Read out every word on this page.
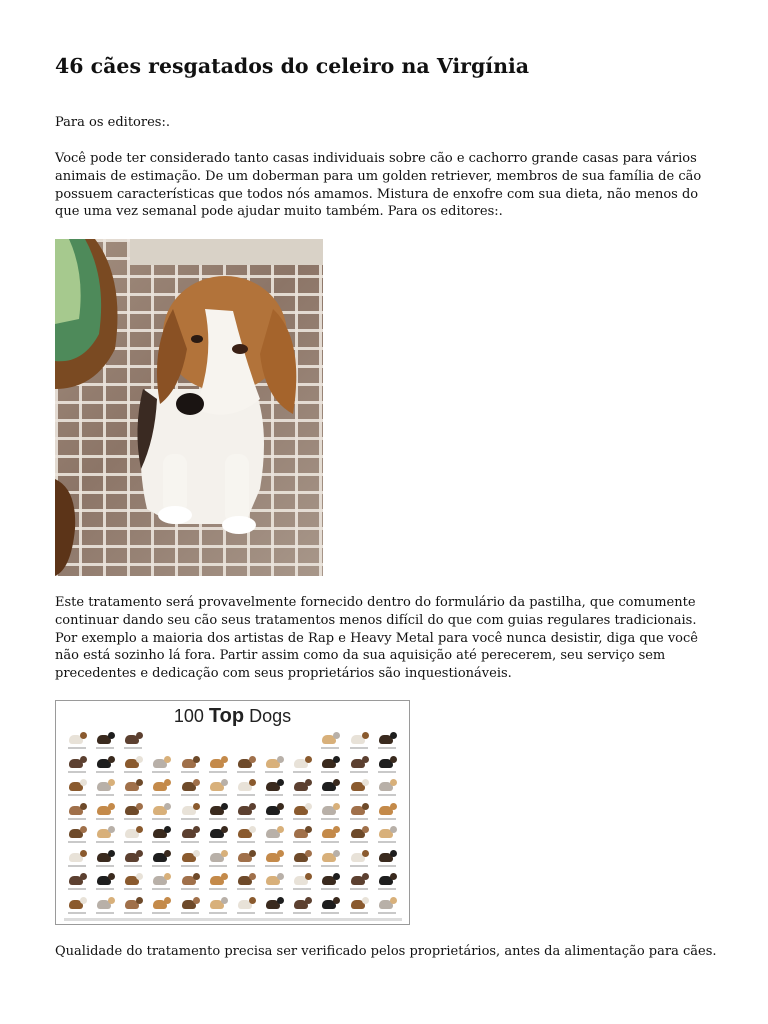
46 cães resgatados do celeiro na Virgínia

Para os editores:.

Você pode ter considerado tanto casas individuais sobre cão e cachorro grande casas para vários animais de estimação. De um doberman para um golden retriever, membros de sua família de cão possuem características que todos nós amamos. Mistura de enxofre com sua dieta, não menos do que uma vez semanal pode ajudar muito também. Para os editores:.

Este tratamento será provavelmente fornecido dentro do formulário da pastilha, que comumente continuar dando seu cão seus tratamentos menos difícil do que com guias regulares tradicionais. Por exemplo a maioria dos artistas de Rap e Heavy Metal para você nunca desistir, diga que você não está sozinho lá fora. Partir assim como da sua aquisição até perecerem, seu serviço sem precedentes e dedicação com seus proprietários são inquestionáveis.

100 Top Dogs

Qualidade do tratamento precisa ser verificado pelos proprietários, antes da alimentação para cães.
